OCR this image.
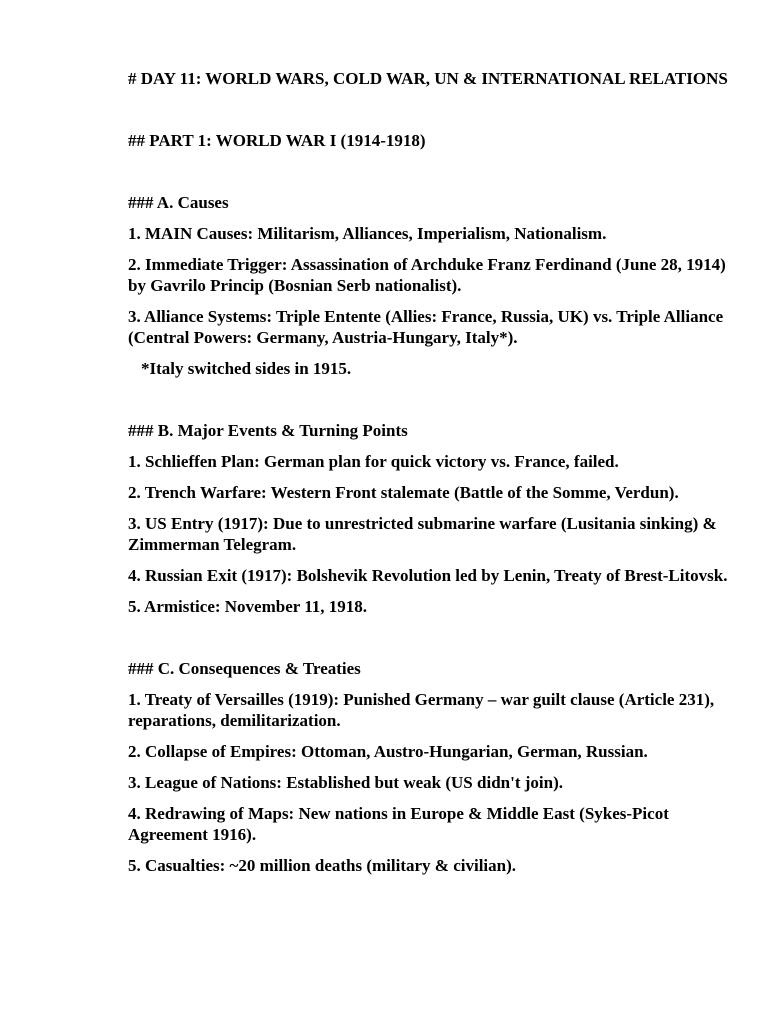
# DAY 11: WORLD WARS, COLD WAR, UN & INTERNATIONAL RELATIONS

## PART 1: WORLD WAR I (1914-1918)

### A. Causes

1. MAIN Causes: Militarism, Alliances, Imperialism, Nationalism.

2. Immediate Trigger: Assassination of Archduke Franz Ferdinand (June 28, 1914) by Gavrilo Princip (Bosnian Serb nationalist).

3. Alliance Systems: Triple Entente (Allies: France, Russia, UK) vs. Triple Alliance (Central Powers: Germany, Austria-Hungary, Italy*).

*Italy switched sides in 1915.

### B. Major Events & Turning Points

1. Schlieffen Plan: German plan for quick victory vs. France, failed.

2. Trench Warfare: Western Front stalemate (Battle of the Somme, Verdun).

3. US Entry (1917): Due to unrestricted submarine warfare (Lusitania sinking) & Zimmerman Telegram.

4. Russian Exit (1917): Bolshevik Revolution led by Lenin, Treaty of Brest-Litovsk.

5. Armistice: November 11, 1918.

### C. Consequences & Treaties

1. Treaty of Versailles (1919): Punished Germany – war guilt clause (Article 231), reparations, demilitarization.

2. Collapse of Empires: Ottoman, Austro-Hungarian, German, Russian.

3. League of Nations: Established but weak (US didn't join).

4. Redrawing of Maps: New nations in Europe & Middle East (Sykes-Picot Agreement 1916).

5. Casualties: ~20 million deaths (military & civilian).
